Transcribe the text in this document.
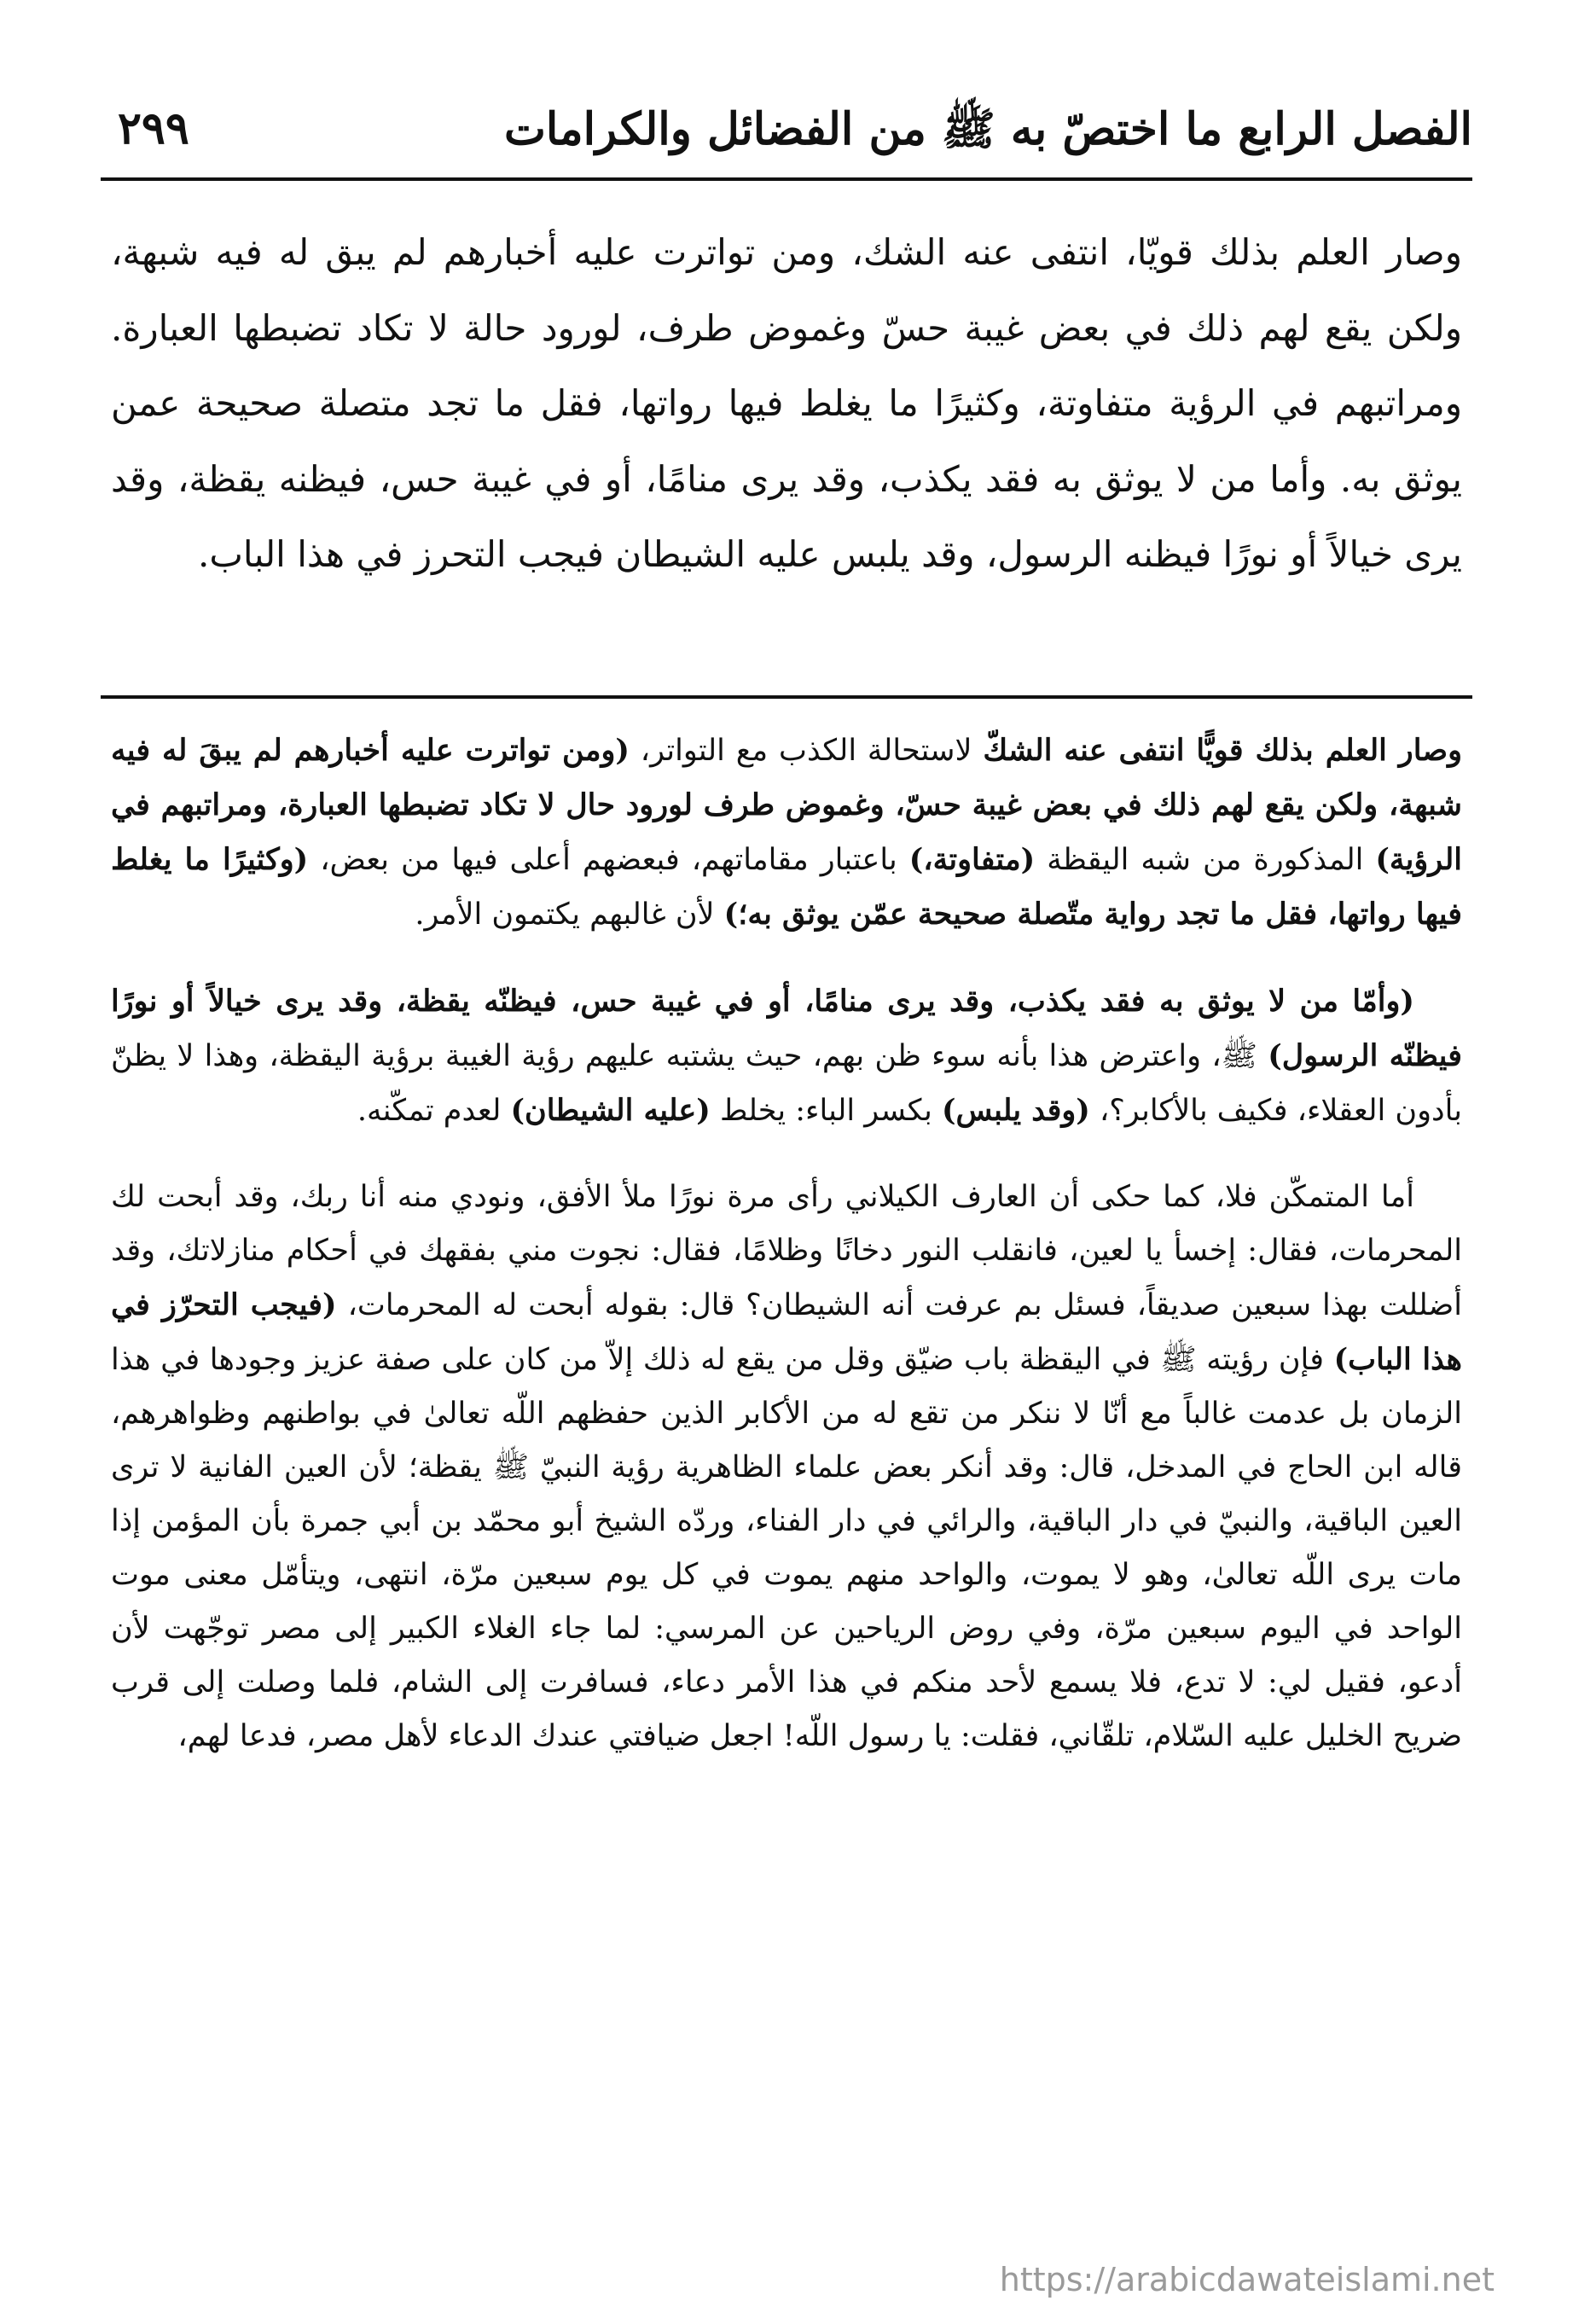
الفصل الرابع ما اختصّ به ﷺ من الفضائل والكرامات
٢٩٩
وصار العلم بذلك قويّا، انتفى عنه الشك، ومن تواترت عليه أخبارهم لم يبق له فيه شبهة، ولكن يقع لهم ذلك في بعض غيبة حسّ وغموض طرف، لورود حالة لا تكاد تضبطها العبارة. ومراتبهم في الرؤية متفاوتة، وكثيرًا ما يغلط فيها رواتها، فقل ما تجد متصلة صحيحة عمن يوثق به. وأما من لا يوثق به فقد يكذب، وقد يرى منامًا، أو في غيبة حس، فيظنه يقظة، وقد يرى خيالاً أو نورًا فيظنه الرسول، وقد يلبس عليه الشيطان فيجب التحرز في هذا الباب.

وصار العلم بذلك قويًّا انتفى عنه الشكّ لاستحالة الكذب مع التواتر، (ومن تواترت عليه أخبارهم لم يبقَ له فيه شبهة، ولكن يقع لهم ذلك في بعض غيبة حسّ، وغموض طرف لورود حال لا تكاد تضبطها العبارة، ومراتبهم في الرؤية) المذكورة من شبه اليقظة (متفاوتة،) باعتبار مقاماتهم، فبعضهم أعلى فيها من بعض، (وكثيرًا ما يغلط فيها رواتها، فقل ما تجد رواية متّصلة صحيحة عمّن يوثق به؛) لأن غالبهم يكتمون الأمر.

(وأمّا من لا يوثق به فقد يكذب، وقد يرى منامًا، أو في غيبة حس، فيظنّه يقظة، وقد يرى خيالاً أو نورًا فيظنّه الرسول) ﷺ، واعترض هذا بأنه سوء ظن بهم، حيث يشتبه عليهم رؤية الغيبة برؤية اليقظة، وهذا لا يظنّ بأدون العقلاء، فكيف بالأكابر؟، (وقد يلبس) بكسر الباء: يخلط (عليه الشيطان) لعدم تمكّنه.

أما المتمكّن فلا، كما حكى أن العارف الكيلاني رأى مرة نورًا ملأ الأفق، ونودي منه أنا ربك، وقد أبحت لك المحرمات، فقال: إخسأ يا لعين، فانقلب النور دخانًا وظلامًا، فقال: نجوت مني بفقهك في أحكام منازلاتك، وقد أضللت بهذا سبعين صديقاً، فسئل بم عرفت أنه الشيطان؟ قال: بقوله أبحت له المحرمات، (فيجب التحرّز في هذا الباب) فإن رؤيته ﷺ في اليقظة باب ضيّق وقل من يقع له ذلك إلاّ من كان على صفة عزيز وجودها في هذا الزمان بل عدمت غالباً مع أنّا لا ننكر من تقع له من الأكابر الذين حفظهم اللّه تعالىٰ في بواطنهم وظواهرهم، قاله ابن الحاج في المدخل، قال: وقد أنكر بعض علماء الظاهرية رؤية النبيّ ﷺ يقظة؛ لأن العين الفانية لا ترى العين الباقية، والنبيّ في دار الباقية، والرائي في دار الفناء، وردّه الشيخ أبو محمّد بن أبي جمرة بأن المؤمن إذا مات يرى اللّه تعالىٰ، وهو لا يموت، والواحد منهم يموت في كل يوم سبعين مرّة، انتهى، ويتأمّل معنى موت الواحد في اليوم سبعين مرّة، وفي روض الرياحين عن المرسي: لما جاء الغلاء الكبير إلى مصر توجّهت لأن أدعو، فقيل لي: لا تدع، فلا يسمع لأحد منكم في هذا الأمر دعاء، فسافرت إلى الشام، فلما وصلت إلى قرب ضريح الخليل عليه السّلام، تلقّاني، فقلت: يا رسول اللّه! اجعل ضيافتي عندك الدعاء لأهل مصر، فدعا لهم،

https://arabicdawateislami.net
